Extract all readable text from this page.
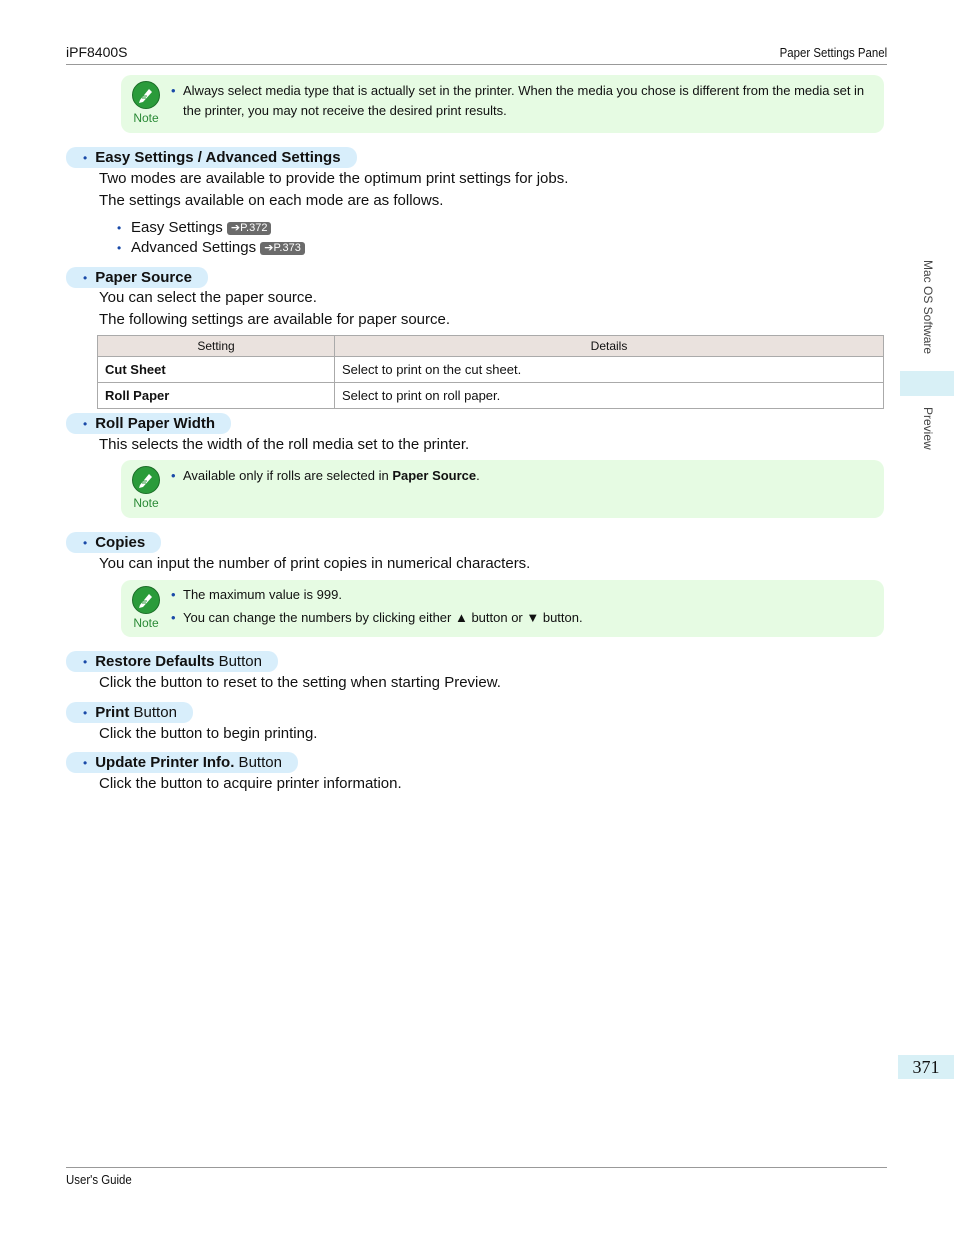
iPF8400S	Paper Settings Panel
Mac OS Software
Preview
371
Note
• Always select media type that is actually set in the printer. When the media you chose is different from the media set in the printer, you may not receive the desired print results.
• Easy Settings / Advanced Settings
Two modes are available to provide the optimum print settings for jobs.
The settings available on each mode are as follows.
• Easy Settings ➔P.372
• Advanced Settings ➔P.373
• Paper Source
You can select the paper source.
The following settings are available for paper source.
Setting	Details
Cut Sheet	Select to print on the cut sheet.
Roll Paper	Select to print on roll paper.
• Roll Paper Width
This selects the width of the roll media set to the printer.
Note
• Available only if rolls are selected in Paper Source.
• Copies
You can input the number of print copies in numerical characters.
Note
• The maximum value is 999.
• You can change the numbers by clicking either ▲ button or ▼ button.
• Restore Defaults Button
Click the button to reset to the setting when starting Preview.
• Print Button
Click the button to begin printing.
• Update Printer Info. Button
Click the button to acquire printer information.
User's Guide
